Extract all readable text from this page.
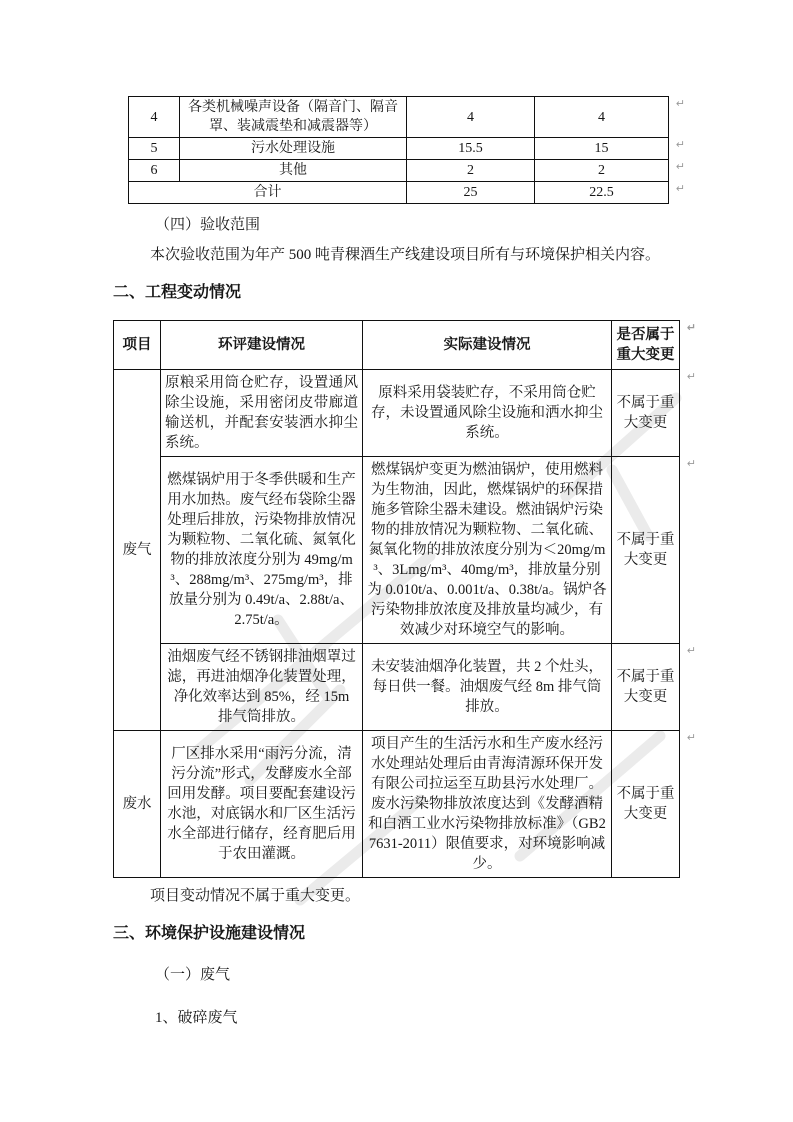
4	各类机械噪声设备（隔音门、隔音罩、装减震垫和减震器等）	4	4
↵

5	污水处理设施	15.5	15 ↵

6	其他	2	2 ↵

合计		25	22.5 ↵
（四）验收范围

本次验收范围为年产 500 吨青稞酒生产线建设项目所有与环境保护相关内容。

二、工程变动情况
项目	环评建设情况	实际建设情况	是否属于重大变更
↵

废气	原粮采用筒仓贮存，设置通风除尘设施，采用密闭皮带廊道输送机，并配套安装洒水抑尘系统。	原料采用袋装贮存，不采用筒仓贮存，未设置通风除尘设施和洒水抑尘系统。	不属于重大变更
↵

	燃煤锅炉用于冬季供暖和生产用水加热。废气经布袋除尘器处理后排放，污染物排放情况为颗粒物、二氧化硫、氮氧化物的排放浓度分别为 49mg/m³、288mg/m³、275mg/m³，排放量分别为 0.49t/a、2.88t/a、2.75t/a。	燃煤锅炉变更为燃油锅炉，使用燃料为生物油，因此，燃煤锅炉的环保措施多管除尘器未建设。燃油锅炉污染物的排放情况为颗粒物、二氧化硫、氮氧化物的排放浓度分别为＜20mg/m³、3Lmg/m³、40mg/m³，排放量分别为 0.010t/a、0.001t/a、0.38t/a。锅炉各污染物排放浓度及排放量均减少，有效减少对环境空气的影响。	不属于重大变更
↵

	油烟废气经不锈钢排油烟罩过滤，再进油烟净化装置处理，净化效率达到 85%，经 15m 排气筒排放。	未安装油烟净化装置，共 2 个灶头，每日供一餐。油烟废气经 8m 排气筒排放。	不属于重大变更
↵

废水	厂区排水采用“雨污分流，清污分流”形式，发酵废水全部回用发酵。项目要配套建设污水池，对底锅水和厂区生活污水全部进行储存，经育肥后用于农田灌溉。	项目产生的生活污水和生产废水经污水处理站处理后由青海清源环保开发有限公司拉运至互助县污水处理厂。废水污染物排放浓度达到《发酵酒精和白酒工业水污染物排放标准》（GB27631-2011）限值要求，对环境影响减少。	不属于重大变更
↵
项目变动情况不属于重大变更。
三、环境保护设施建设情况
（一）废气
1、破碎废气
